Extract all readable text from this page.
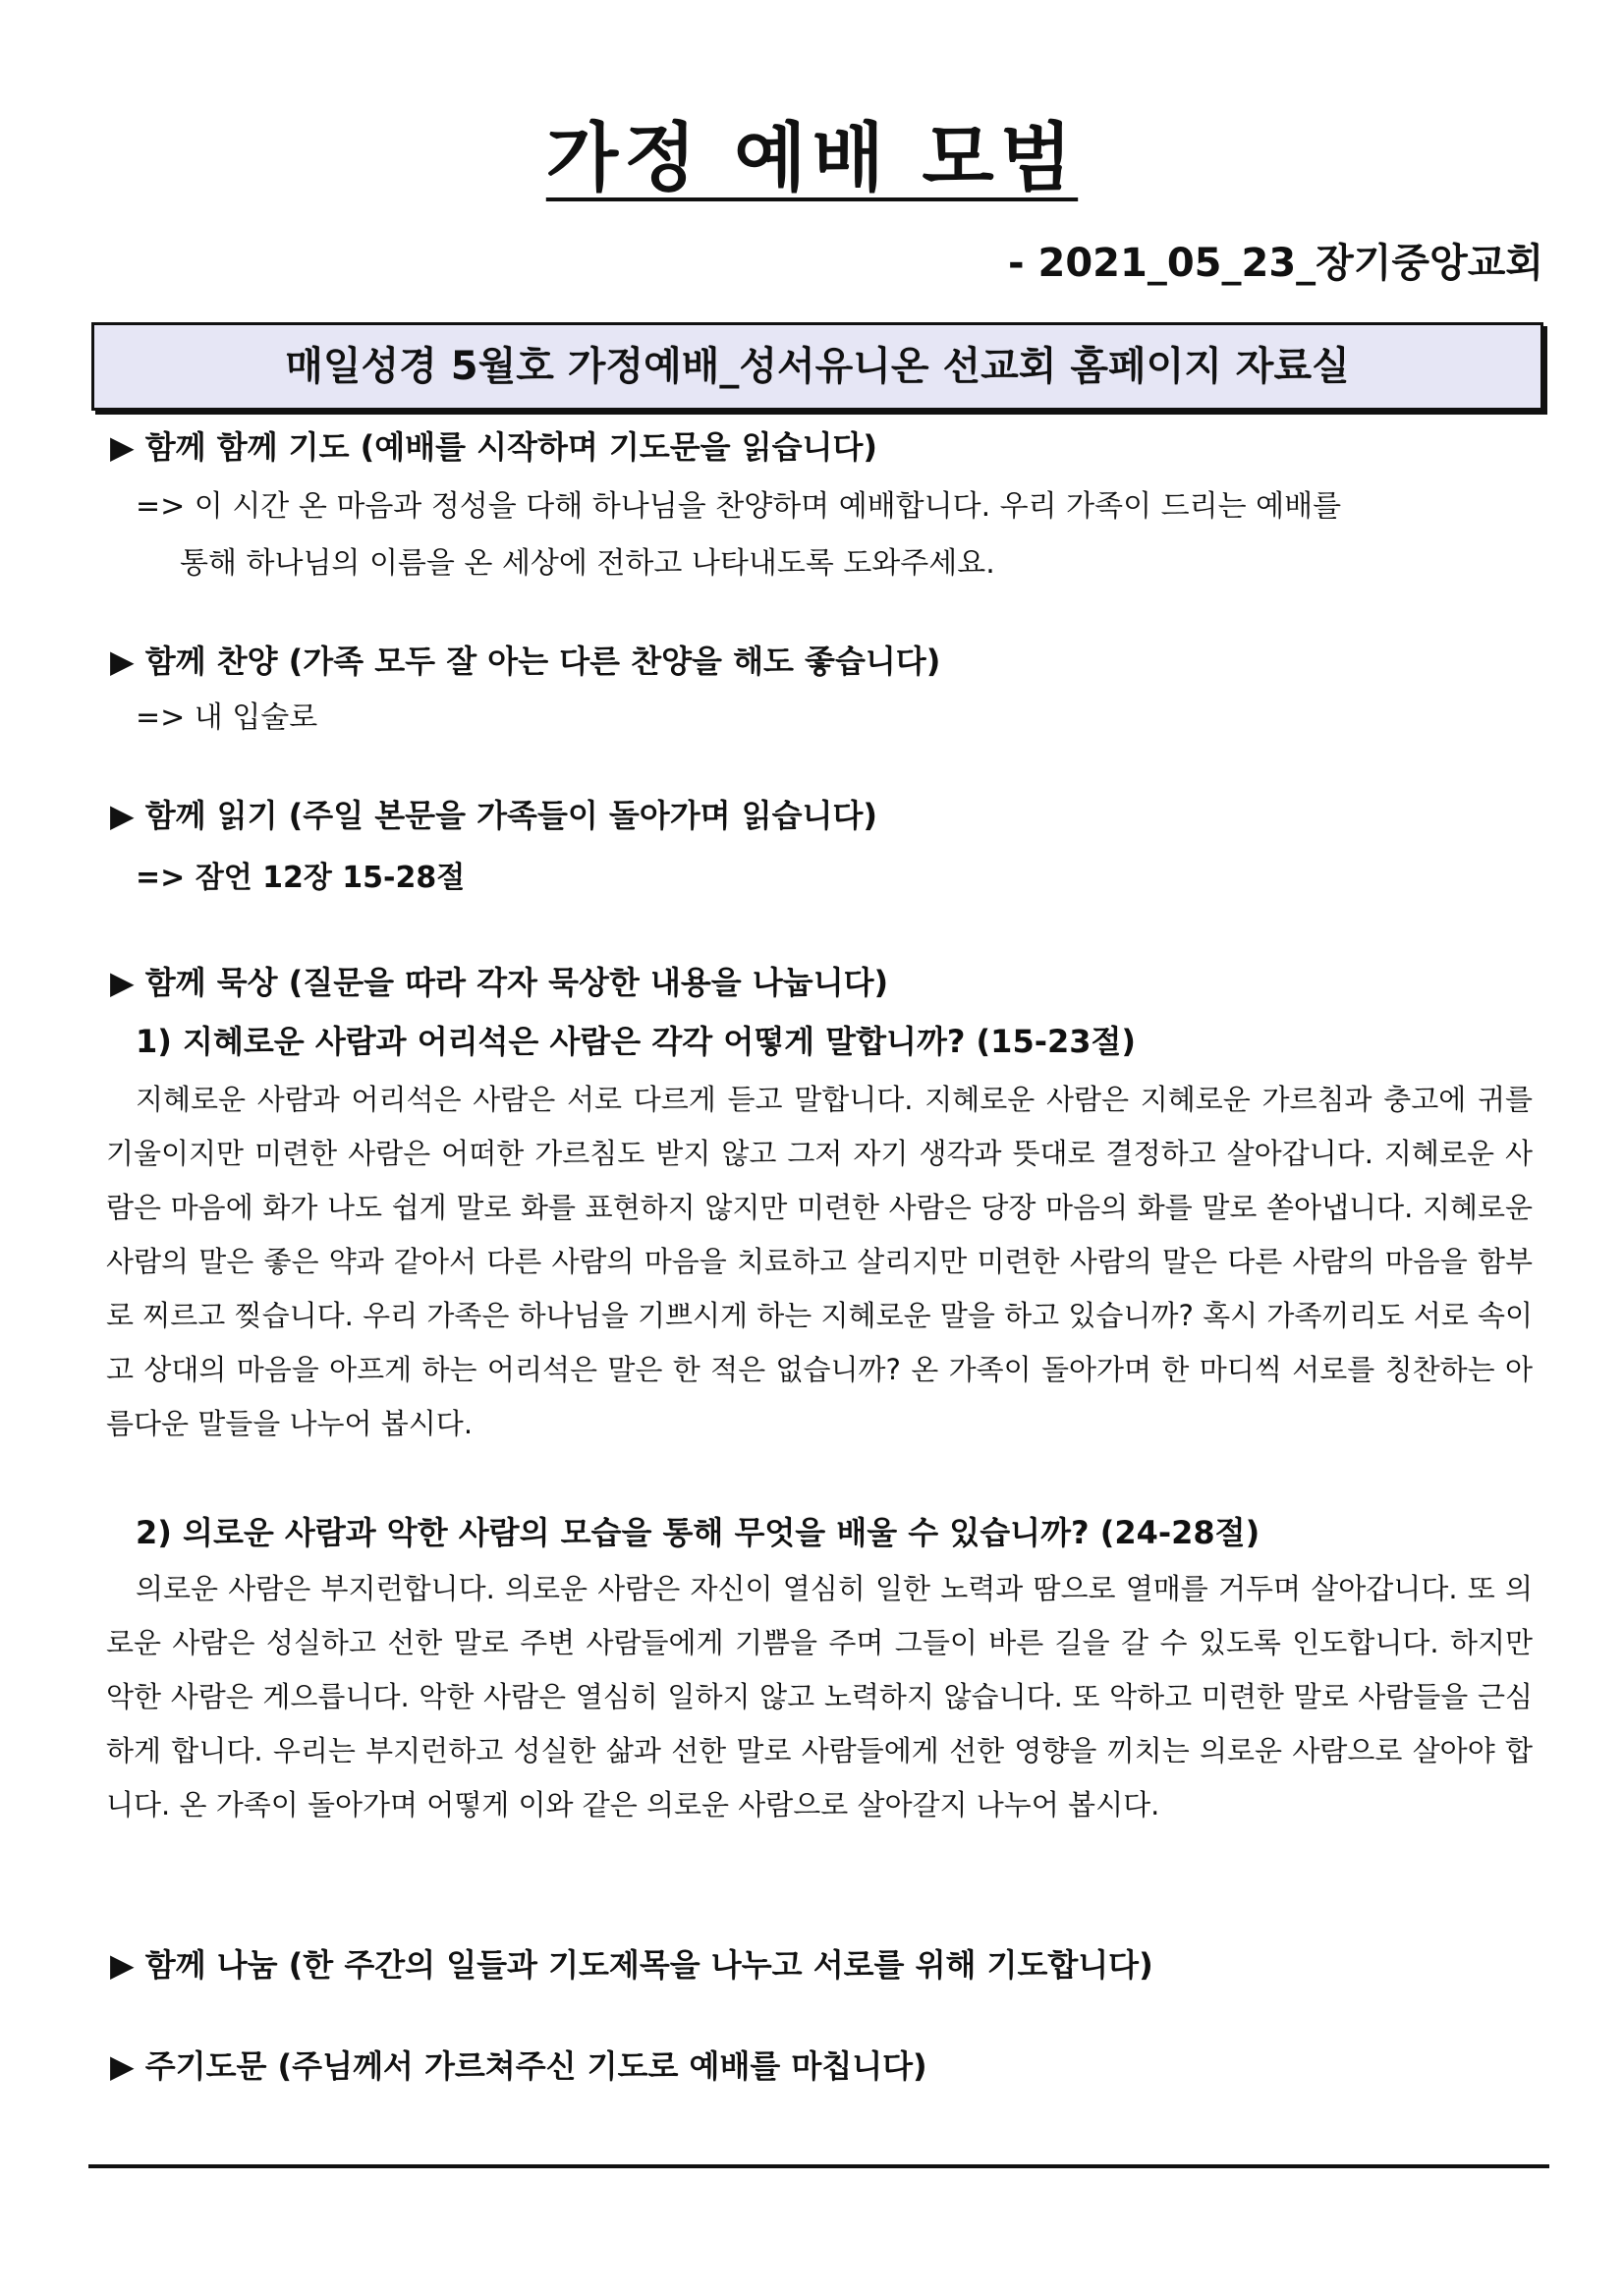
가정 예배 모범
- 2021_05_23_장기중앙교회
매일성경 5월호 가정예배_성서유니온 선교회 홈페이지 자료실
▶ 함께 함께 기도 (예배를 시작하며 기도문을 읽습니다)
=> 이 시간 온 마음과 정성을 다해 하나님을 찬양하며 예배합니다. 우리 가족이 드리는 예배를
통해 하나님의 이름을 온 세상에 전하고 나타내도록 도와주세요.
▶ 함께 찬양 (가족 모두 잘 아는 다른 찬양을 해도 좋습니다)
=> 내 입술로
▶ 함께 읽기 (주일 본문을 가족들이 돌아가며 읽습니다)
=> 잠언 12장 15-28절
▶ 함께 묵상 (질문을 따라 각자 묵상한 내용을 나눕니다)
1) 지혜로운 사람과 어리석은 사람은 각각 어떻게 말합니까? (15-23절)

지혜로운 사람과 어리석은 사람은 서로 다르게 듣고 말합니다. 지혜로운 사람은 지혜로운 가르침과 충고에 귀를 기울이지만 미련한 사람은 어떠한 가르침도 받지 않고 그저 자기 생각과 뜻대로 결정하고 살아갑니다. 지혜로운 사람은 마음에 화가 나도 쉽게 말로 화를 표현하지 않지만 미련한 사람은 당장 마음의 화를 말로 쏟아냅니다. 지혜로운 사람의 말은 좋은 약과 같아서 다른 사람의 마음을 치료하고 살리지만 미련한 사람의 말은 다른 사람의 마음을 함부로 찌르고 찢습니다. 우리 가족은 하나님을 기쁘시게 하는 지혜로운 말을 하고 있습니까? 혹시 가족끼리도 서로 속이고 상대의 마음을 아프게 하는 어리석은 말은 한 적은 없습니까? 온 가족이 돌아가며 한 마디씩 서로를 칭찬하는 아름다운 말들을 나누어 봅시다.

2) 의로운 사람과 악한 사람의 모습을 통해 무엇을 배울 수 있습니까? (24-28절)

의로운 사람은 부지런합니다. 의로운 사람은 자신이 열심히 일한 노력과 땀으로 열매를 거두며 살아갑니다. 또 의로운 사람은 성실하고 선한 말로 주변 사람들에게 기쁨을 주며 그들이 바른 길을 갈 수 있도록 인도합니다. 하지만 악한 사람은 게으릅니다. 악한 사람은 열심히 일하지 않고 노력하지 않습니다. 또 악하고 미련한 말로 사람들을 근심하게 합니다. 우리는 부지런하고 성실한 삶과 선한 말로 사람들에게 선한 영향을 끼치는 의로운 사람으로 살아야 합니다. 온 가족이 돌아가며 어떻게 이와 같은 의로운 사람으로 살아갈지 나누어 봅시다.

▶ 함께 나눔 (한 주간의 일들과 기도제목을 나누고 서로를 위해 기도합니다)
▶ 주기도문 (주님께서 가르쳐주신 기도로 예배를 마칩니다)
